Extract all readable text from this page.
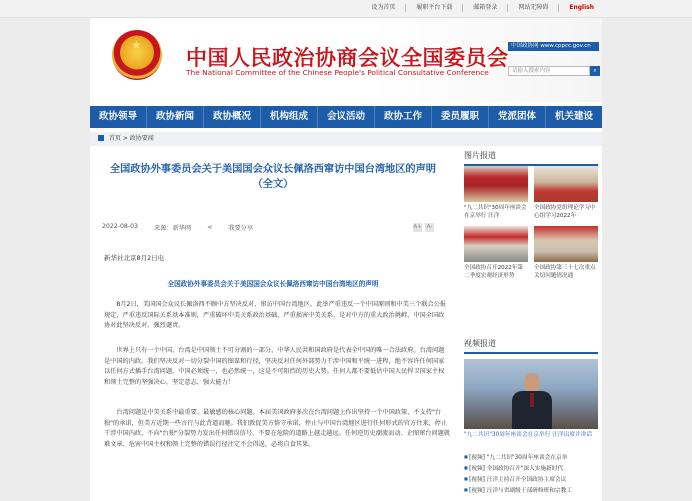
设为首页	履职平台下载	邮箱登录	网站无障碍	English
★
中国人民政治协商会议全国委员会
The National Committee of the Chinese People's Political Consultative Conference
中国政协网 www.cppcc.gov.cn
请输入搜索内容	⌕
政协领导	政协新闻	政协概况	机构组成	会议活动	政协工作	委员履职	党派团体	机关建设
首页 > 政协要闻
全国政协外事委员会关于美国国会众议长佩洛西窜访中国台湾地区的声明
（全文）
2022-08-03	来源：新华网	⋖	我要分享	A+ A-
新华社北京8月2日电
全国政协外事委员会关于美国国会众议长佩洛西窜访中国台湾地区的声明

8月2日，美国国会众议长佩洛西不顾中方坚决反对，窜访中国台湾地区。此举严重违反一个中国原则和中美三个联合公报规定，严重违反国际关系基本准则，严重破坏中美关系政治基础，严重损害中美关系。是对中方的重大政治挑衅，中国全国政协对此坚决反对、强烈谴责。

世界上只有一个中国，台湾是中国领土不可分割的一部分，中华人民共和国政府是代表全中国的唯一合法政府。台湾问题是中国的内政。我们坚决反对一切分裂中国的图谋和行径，坚决反对任何外部势力干涉中国和平统一进程，绝不容许任何国家以任何方式插手台湾问题。中国必须统一，也必然统一，这是不可阻挡的历史大势。任何人都不要低估中国人民捍卫国家主权和领土完整的坚强决心、坚定意志、强大能力！

台湾问题是中美关系中最重要、最敏感的核心问题。本届美国政府多次在台湾问题上作出坚持一个中国政策、不支持"台独"的承诺，但美方近期一些言行与此背道而驰。我们敦促美方恪守承诺，停止与中国台湾地区进行任何形式的官方往来，停止干涉中国内政，不向"台独"分裂势力发出任何错误信号，不要在危险的道路上越走越远。任何逆历史潮流而动、企图窜台问题就难文章、危害中国主权和领土完整的错误行径注定不会得逞，必将自食其果。

图片报道
"九二共识"30周年座谈会在京举行 汪洋
全国政协党组理论学习中心组学习2022年
全国政协召开2022年第二季度宏观经济形势
全国政协第三十七次重点关切问题情况通
视频报道
"九二共识"30周年座谈会在京举行 汪洋出席并讲话
■ [视频] "九二共识"30周年座谈会在京举
■ [视频] 全国政协召开"深入实施新时代
■ [视频] 汪洋主持召开全国政协主席会议
■ [视频] 汪洋与省副级干部研修班和宗教工
